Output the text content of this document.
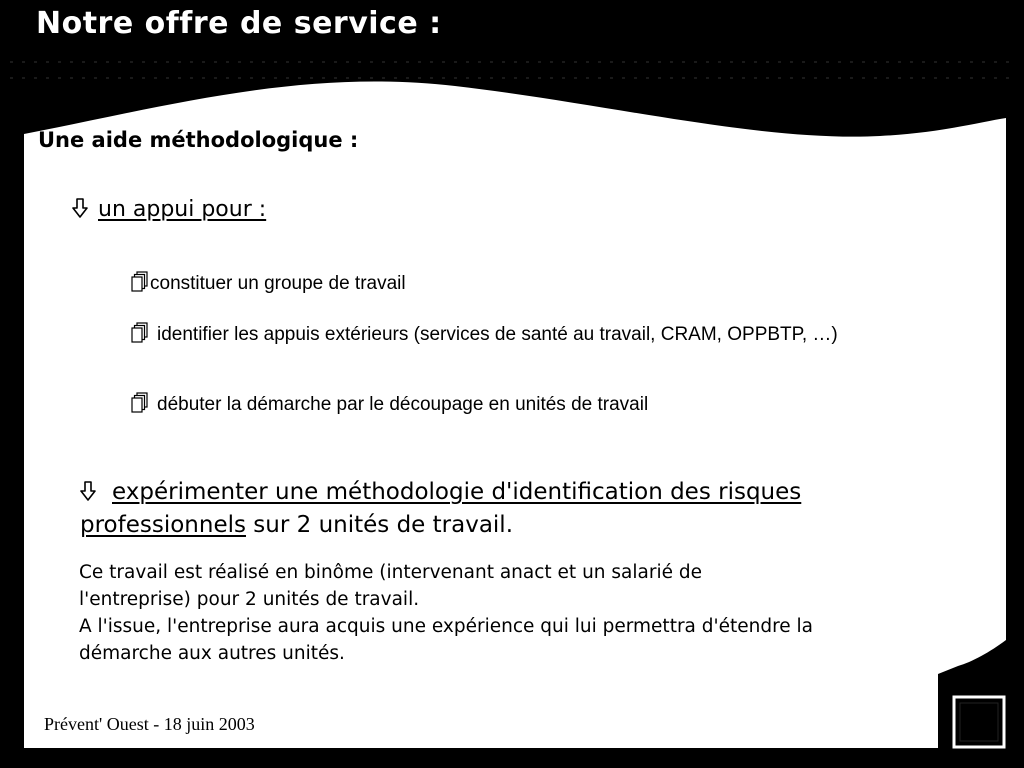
Notre offre de service :
Une aide méthodologique :
un appui pour :
constituer un groupe de travail
identifier les appuis extérieurs (services de santé au travail, CRAM, OPPBTP, …)
débuter la démarche par le découpage en unités de travail
expérimenter une méthodologie d'identification des risques professionnels sur 2 unités de travail.
Ce travail est réalisé en binôme (intervenant anact et un salarié de
l'entreprise) pour 2 unités de travail.
A l'issue, l'entreprise aura acquis une expérience qui lui permettra d'étendre la
démarche aux autres unités.
Prévent' Ouest - 18 juin 2003
